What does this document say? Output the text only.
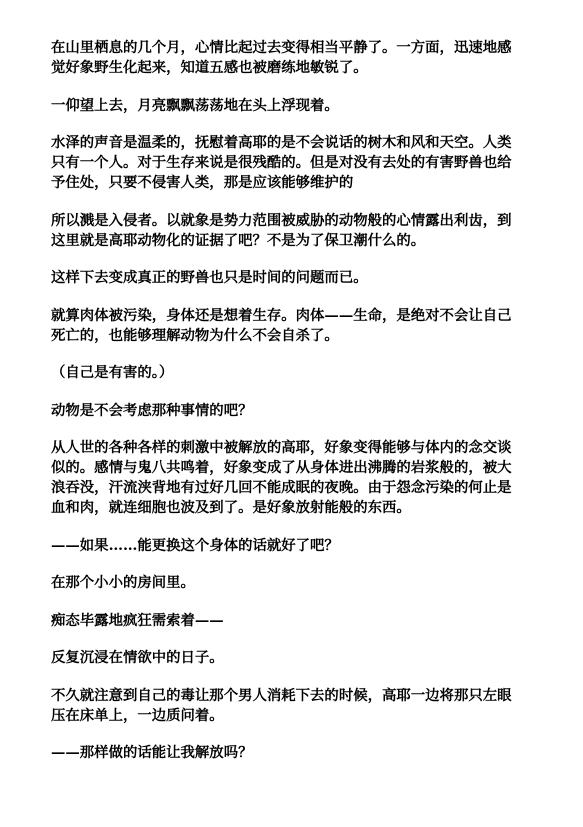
在山里栖息的几个月，心情比起过去变得相当平静了。一方面，迅速地感觉好象野生化起来，知道五感也被磨练地敏锐了。

一仰望上去，月亮飘飘荡荡地在头上浮现着。

水泽的声音是温柔的，抚慰着高耶的是不会说话的树木和风和天空。人类只有一个人。对于生存来说是很残酷的。但是对没有去处的有害野兽也给予住处，只要不侵害人类，那是应该能够维护的

所以溅是入侵者。以就象是势力范围被威胁的动物般的心情露出利齿，到这里就是高耶动物化的证据了吧？不是为了保卫潮什么的。

这样下去变成真正的野兽也只是时间的问题而已。

就算肉体被污染，身体还是想着生存。肉体——生命，是绝对不会让自己死亡的，也能够理解动物为什么不会自杀了。

（自己是有害的。）

动物是不会考虑那种事情的吧？

从人世的各种各样的刺激中被解放的高耶，好象变得能够与体内的念交谈似的。感情与鬼八共鸣着，好象变成了从身体进出沸腾的岩浆般的，被大浪吞没，汗流浃背地有过好几回不能成眠的夜晚。由于怨念污染的何止是血和肉，就连细胞也波及到了。是好象放射能般的东西。

——如果……能更换这个身体的话就好了吧？

在那个小小的房间里。

痴态毕露地疯狂需索着——

反复沉浸在情欲中的日子。

不久就注意到自己的毒让那个男人消耗下去的时候，高耶一边将那只左眼压在床单上，一边质问着。

——那样做的话能让我解放吗？
